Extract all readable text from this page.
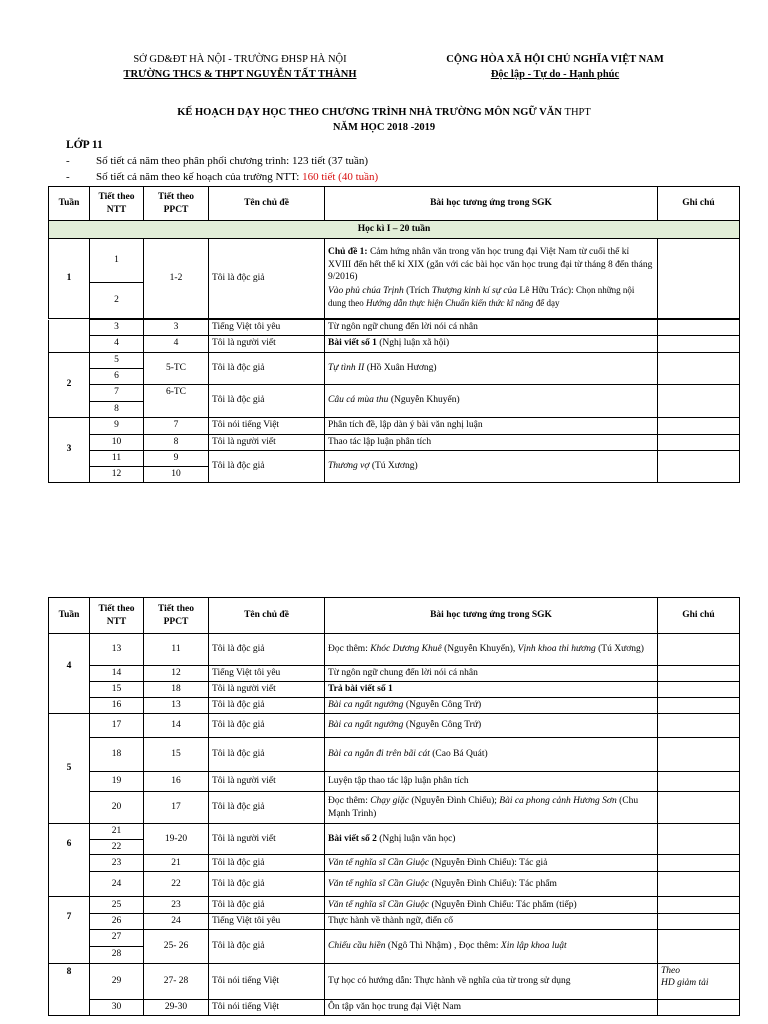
SỞ GD&ĐT HÀ NỘI - TRƯỜNG ĐHSP HÀ NỘI
TRƯỜNG THCS & THPT NGUYỄN TẤT THÀNH
CỘNG HÒA XÃ HỘI CHỦ NGHĨA VIỆT NAM
Độc lập - Tự do - Hạnh phúc
KẾ HOẠCH DẠY HỌC THEO CHƯƠNG TRÌNH NHÀ TRƯỜNG MÔN NGỮ VĂN THPT
NĂM HỌC 2018 -2019
LỚP 11
- Số tiết cả năm theo phân phối chương trình: 123 tiết (37 tuần)
- Số tiết cả năm theo kế hoạch của trường NTT: 160 tiết (40 tuần)
Tuần	Tiết theo NTT	Tiết theo PPCT	Tên chủ đề	Bài học tương ứng trong SGK	Ghi chú
Học kì I – 20 tuần					
1	1	1-2	Tôi là độc giả	Chủ đề 1: Cảm hứng nhân văn trong văn học trung đại Việt Nam từ cuối thế kỉ XVIII đến hết thế kỉ XIX (gắn với các bài học văn học trung đại từ tháng 8 đến tháng 9/2016)
Vào phủ chúa Trịnh (Trích Thượng kinh kí sự của Lê Hữu Trác): Chọn những nội dung theo Hướng dẫn thực hiện Chuẩn kiến thức kĩ năng để dạy	
	2				

	3	3	Tiếng Việt tôi yêu	Từ ngôn ngữ chung đến lời nói cá nhân	
	4	4	Tôi là người viết	Bài viết số 1 (Nghị luận xã hội)	
2	5	5-TC	Tôi là độc giả	Tự tình II (Hồ Xuân Hương)	
	6				
	7	6-TC	Tôi là độc giả	Câu cá mùa thu (Nguyễn Khuyến)	
	8				
3	9	7	Tôi nói tiếng Việt	Phân tích đề, lập dàn ý bài văn nghị luận	
	10	8	Tôi là người viết	Thao tác lập luận phân tích	
	11	9	Tôi là độc giả	Thương vợ (Tú Xương)	
	12	10			
Tuần	Tiết theo NTT	Tiết theo PPCT	Tên chủ đề	Bài học tương ứng trong SGK	Ghi chú
4	13	11	Tôi là độc giả	Đọc thêm: Khóc Dương Khuê (Nguyễn Khuyến), Vịnh khoa thi hương (Tú Xương)	
	14	12	Tiếng Việt tôi yêu	Từ ngôn ngữ chung đến lời nói cá nhân	
	15	18	Tôi là người viết	Trả bài viết số 1	
	16	13	Tôi là độc giả	Bài ca ngất ngưởng (Nguyễn Công Trứ)	
5	17	14	Tôi là độc giả	Bài ca ngất ngưởng (Nguyễn Công Trứ)	
	18	15	Tôi là độc giả	Bài ca ngắn đi trên bãi cát (Cao Bá Quát)	
	19	16	Tôi là người viết	Luyện tập thao tác lập luận phân tích	
	20	17	Tôi là độc giả	Đọc thêm: Chạy giặc (Nguyễn Đình Chiểu); Bài ca phong cảnh Hương Sơn (Chu Mạnh Trinh)	
6	21	19-20	Tôi là người viết	Bài viết số 2 (Nghị luận văn học)	
	22				
	23	21	Tôi là độc giả	Văn tế nghĩa sĩ Cần Giuộc (Nguyễn Đình Chiểu): Tác giả	
	24	22	Tôi là độc giả	Văn tế nghĩa sĩ Cần Giuộc (Nguyễn Đình Chiểu): Tác phẩm	
7	25	23	Tôi là độc giả	Văn tế nghĩa sĩ Cần Giuộc (Nguyễn Đình Chiểu: Tác phẩm (tiếp)	
	26	24	Tiếng Việt tôi yêu	Thực hành về thành ngữ, điển cố	
	27	25- 26	Tôi là độc giả	Chiếu cầu hiền (Ngô Thì Nhậm) , Đọc thêm: Xin lập khoa luật	
	28				
8	29	27- 28	Tôi nói tiếng Việt	Tự học có hướng dẫn: Thực hành về nghĩa của từ trong sử dụng	Theo
HD giảm tải
	30	29-30	Tôi nói tiếng Việt	Ôn tập văn học trung đại Việt Nam	
